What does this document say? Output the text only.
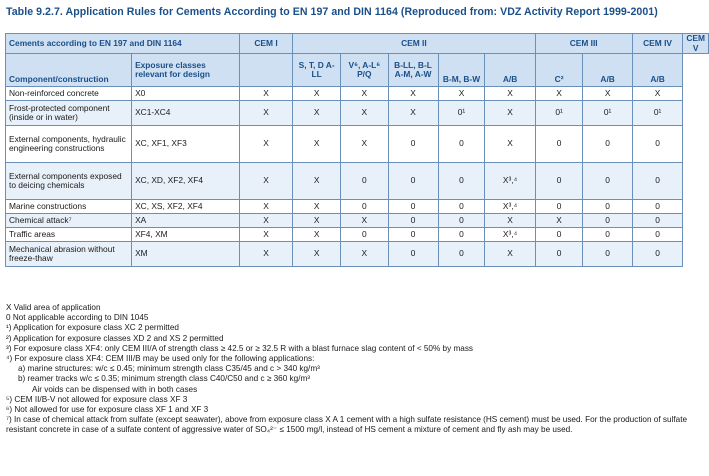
Table 9.2.7. Application Rules for Cements According to EN 197 and DIN 1164 (Reproduced from: VDZ Activity Report 1999-2001)
Cements according to EN 197 and DIN 1164		CEM I	CEM II					CEM III		CEM IV	CEM V
Component/construction	Exposure classes relevant for design		S, T, D A-LL	V⁶, A-L⁶ P/Q	B-LL, B-L A-M, A-W	B-M, B-W	A/B	C²	A/B	A/B	
Non-reinforced concrete	X0	X	X	X	X	X	X	X	X	X	
Frost-protected component (inside or in water)	XC1-XC4	X	X	X	X	0¹	X	0¹	0¹	0¹	
External components, hydraulic engineering constructions	XC, XF1, XF3	X	X	X	0	0	X	0	0	0	
External components exposed to deicing chemicals	XC, XD, XF2, XF4	X	X	0	0	0	X³,⁴	0	0	0	
Marine constructions	XC, XS, XF2, XF4	X	X	0	0	0	X³,⁴	0	0	0	
Chemical attack⁷	XA	X	X	X	0	0	X	X	0	0	
Traffic areas	XF4, XM	X	X	0	0	0	X³,⁴	0	0	0	
Mechanical abrasion without freeze-thaw	XM	X	X	X	0	0	X	0	0	0	
X Valid area of application
0 Not applicable according to DIN 1045
¹) Application for exposure class XC 2 permitted
²) Application for exposure classes XD 2 and XS 2 permitted
³) For exposure class XF4: only CEM III/A of strength class ≥ 42.5 or ≥ 32.5 R with a blast furnace slag content of < 50% by mass
⁴) For exposure class XF4: CEM III/B may be used only for the following applications:
a) marine structures: w/c ≤ 0.45; minimum strength class C35/45 and c > 340 kg/m³
b) reamer tracks w/c ≤ 0.35; minimum strength class C40/C50 and c ≥ 360 kg/m³
Air voids can be dispensed with in both cases
⁵) CEM II/B-V not allowed for exposure class XF 3
⁶) Not allowed for use for exposure class XF 1 and XF 3
⁷) In case of chemical attack from sulfate (except seawater), above from exposure class X A 1 cement with a high sulfate resistance (HS cement) must be used. For the production of sulfate resistant concrete in case of a sulfate content of aggressive water of SO₄²⁻ ≤ 1500 mg/l, instead of HS cement a mixture of cement and fly ash may be used.
